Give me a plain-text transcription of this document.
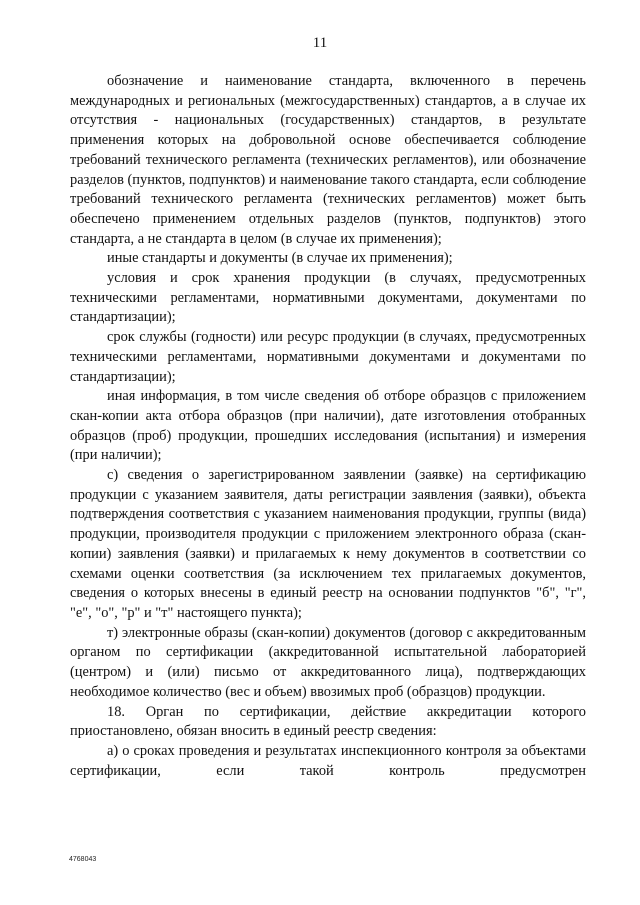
11

обозначение и наименование стандарта, включенного в перечень международных и региональных (межгосударственных) стандартов, а в случае их отсутствия - национальных (государственных) стандартов, в результате применения которых на добровольной основе обеспечивается соблюдение требований технического регламента (технических регламентов), или обозначение разделов (пунктов, подпунктов) и наименование такого стандарта, если соблюдение требований технического регламента (технических регламентов) может быть обеспечено применением отдельных разделов (пунктов, подпунктов) этого стандарта, а не стандарта в целом (в случае их применения);

иные стандарты и документы (в случае их применения);

условия и срок хранения продукции (в случаях, предусмотренных техническими регламентами, нормативными документами, документами по стандартизации);

срок службы (годности) или ресурс продукции (в случаях, предусмотренных техническими регламентами, нормативными документами и документами по стандартизации);

иная информация, в том числе сведения об отборе образцов с приложением скан-копии акта отбора образцов (при наличии), дате изготовления отобранных образцов (проб) продукции, прошедших исследования (испытания) и измерения (при наличии);

с) сведения о зарегистрированном заявлении (заявке) на сертификацию продукции с указанием заявителя, даты регистрации заявления (заявки), объекта подтверждения соответствия с указанием наименования продукции, группы (вида) продукции, производителя продукции с приложением электронного образа (скан-копии) заявления (заявки) и прилагаемых к нему документов в соответствии со схемами оценки соответствия (за исключением тех прилагаемых документов, сведения о которых внесены в единый реестр на основании подпунктов "б", "г", "е", "о", "р" и "т" настоящего пункта);

т) электронные образы (скан-копии) документов (договор с аккредитованным органом по сертификации (аккредитованной испытательной лабораторией (центром) и (или) письмо от аккредитованного лица), подтверждающих необходимое количество (вес и объем) ввозимых проб (образцов) продукции.

18. Орган по сертификации, действие аккредитации которого приостановлено, обязан вносить в единый реестр сведения:

а) о сроках проведения и результатах инспекционного контроля за объектами сертификации, если такой контроль предусмотрен

4768043
